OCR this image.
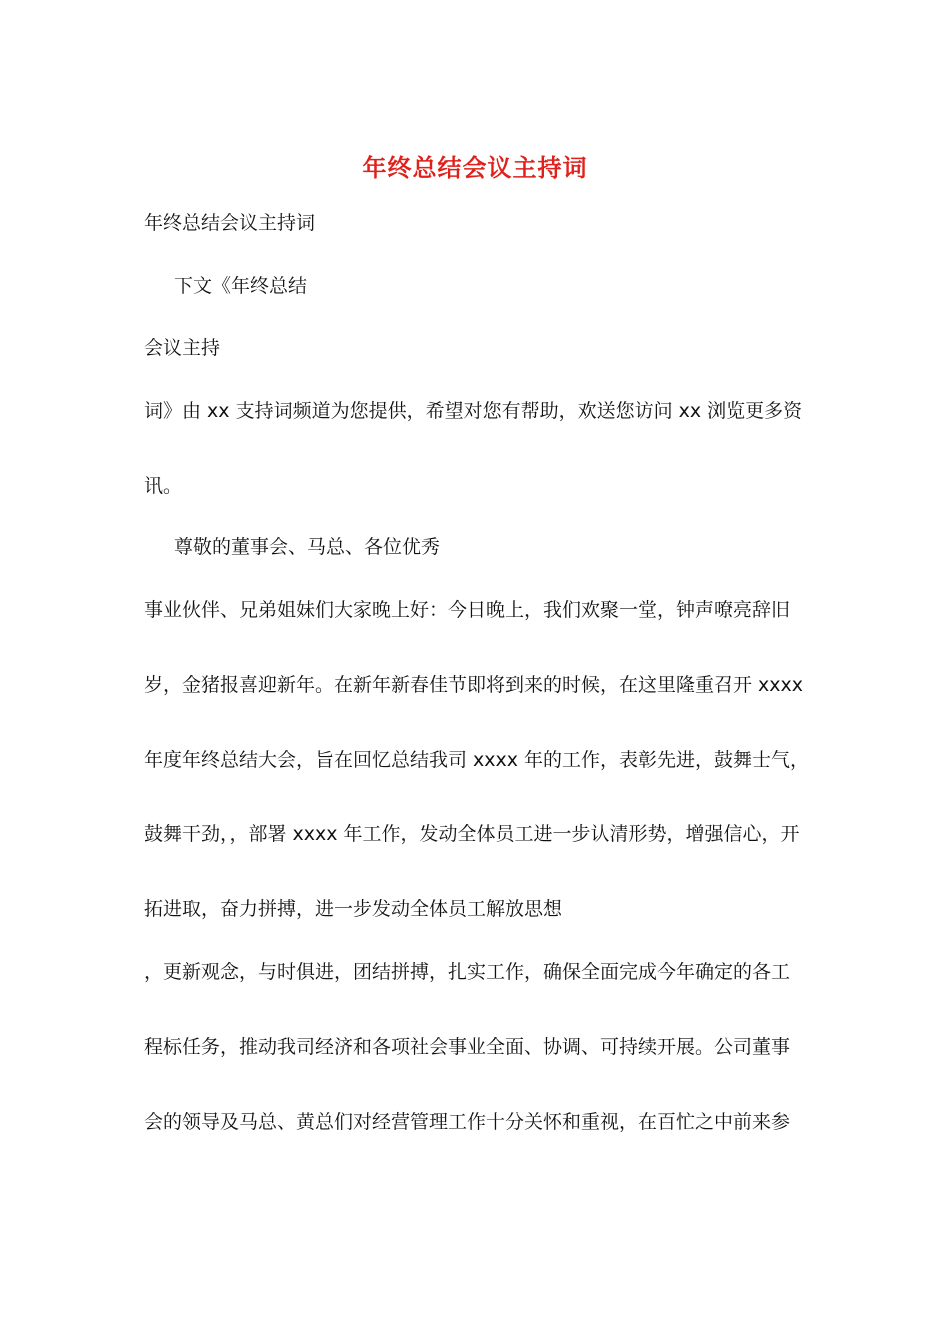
年终总结会议主持词
年终总结会议主持词
下文《年终总结
会议主持
词》由 xx 支持词频道为您提供，希望对您有帮助，欢送您访问 xx 浏览更多资
讯。
尊敬的董事会、马总、各位优秀
事业伙伴、兄弟姐妹们大家晚上好：今日晚上，我们欢聚一堂，钟声嘹亮辞旧
岁，金猪报喜迎新年。在新年新春佳节即将到来的时候，在这里隆重召开 xxxx
年度年终总结大会，旨在回忆总结我司 xxxx 年的工作，表彰先进，鼓舞士气，
鼓舞干劲，，部署 xxxx 年工作，发动全体员工进一步认清形势，增强信心，开
拓进取，奋力拼搏，进一步发动全体员工解放思想
，更新观念，与时俱进，团结拼搏，扎实工作，确保全面完成今年确定的各工
程标任务，推动我司经济和各项社会事业全面、协调、可持续开展。公司董事
会的领导及马总、黄总们对经营管理工作十分关怀和重视，在百忙之中前来参
